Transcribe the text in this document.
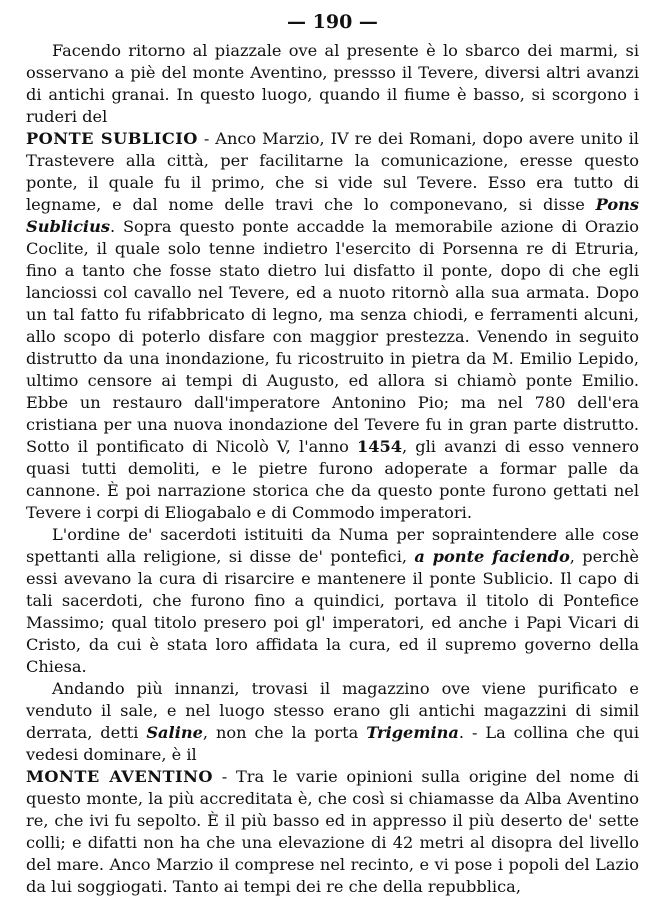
— 190 —

Facendo ritorno al piazzale ove al presente è lo sbarco dei marmi, si osservano a piè del monte Aventino, pressso il Tevere, diversi altri avanzi di antichi granai. In questo luogo, quando il fiume è basso, si scorgono i ruderi del

PONTE SUBLICIO - Anco Marzio, IV re dei Romani, dopo avere unito il Trastevere alla città, per facilitarne la comunicazione, eresse questo ponte, il quale fu il primo, che si vide sul Tevere. Esso era tutto di legname, e dal nome delle travi che lo componevano, si disse Pons Sublicius. Sopra questo ponte accadde la memorabile azione di Orazio Coclite, il quale solo tenne indietro l'esercito di Porsenna re di Etruria, fino a tanto che fosse stato dietro lui disfatto il ponte, dopo di che egli lanciossi col cavallo nel Tevere, ed a nuoto ritornò alla sua armata. Dopo un tal fatto fu rifabbricato di legno, ma senza chiodi, e ferramenti alcuni, allo scopo di poterlo disfare con maggior prestezza. Venendo in seguito distrutto da una inondazione, fu ricostruito in pietra da M. Emilio Lepido, ultimo censore ai tempi di Augusto, ed allora si chiamò ponte Emilio. Ebbe un restauro dall'imperatore Antonino Pio; ma nel 780 dell'era cristiana per una nuova inondazione del Tevere fu in gran parte distrutto. Sotto il pontificato di Nicolò V, l'anno 1454, gli avanzi di esso vennero quasi tutti demoliti, e le pietre furono adoperate a formar palle da cannone. È poi narrazione storica che da questo ponte furono gettati nel Tevere i corpi di Eliogabalo e di Commodo imperatori.

L'ordine de' sacerdoti istituiti da Numa per sopraintendere alle cose spettanti alla religione, si disse de' pontefici, a ponte faciendo, perchè essi avevano la cura di risarcire e mantenere il ponte Sublicio. Il capo di tali sacerdoti, che furono fino a quindici, portava il titolo di Pontefice Massimo; qual titolo presero poi gl' imperatori, ed anche i Papi Vicari di Cristo, da cui è stata loro affidata la cura, ed il supremo governo della Chiesa.

Andando più innanzi, trovasi il magazzino ove viene purificato e venduto il sale, e nel luogo stesso erano gli antichi magazzini di simil derrata, detti Saline, non che la porta Trigemina. - La collina che qui vedesi dominare, è il

MONTE AVENTINO - Tra le varie opinioni sulla origine del nome di questo monte, la più accreditata è, che così si chiamasse da Alba Aventino re, che ivi fu sepolto. È il più basso ed in appresso il più deserto de' sette colli; e difatti non ha che una elevazione di 42 metri al disopra del livello del mare. Anco Marzio il comprese nel recinto, e vi pose i popoli del Lazio da lui soggiogati. Tanto ai tempi dei re che della repubblica,
